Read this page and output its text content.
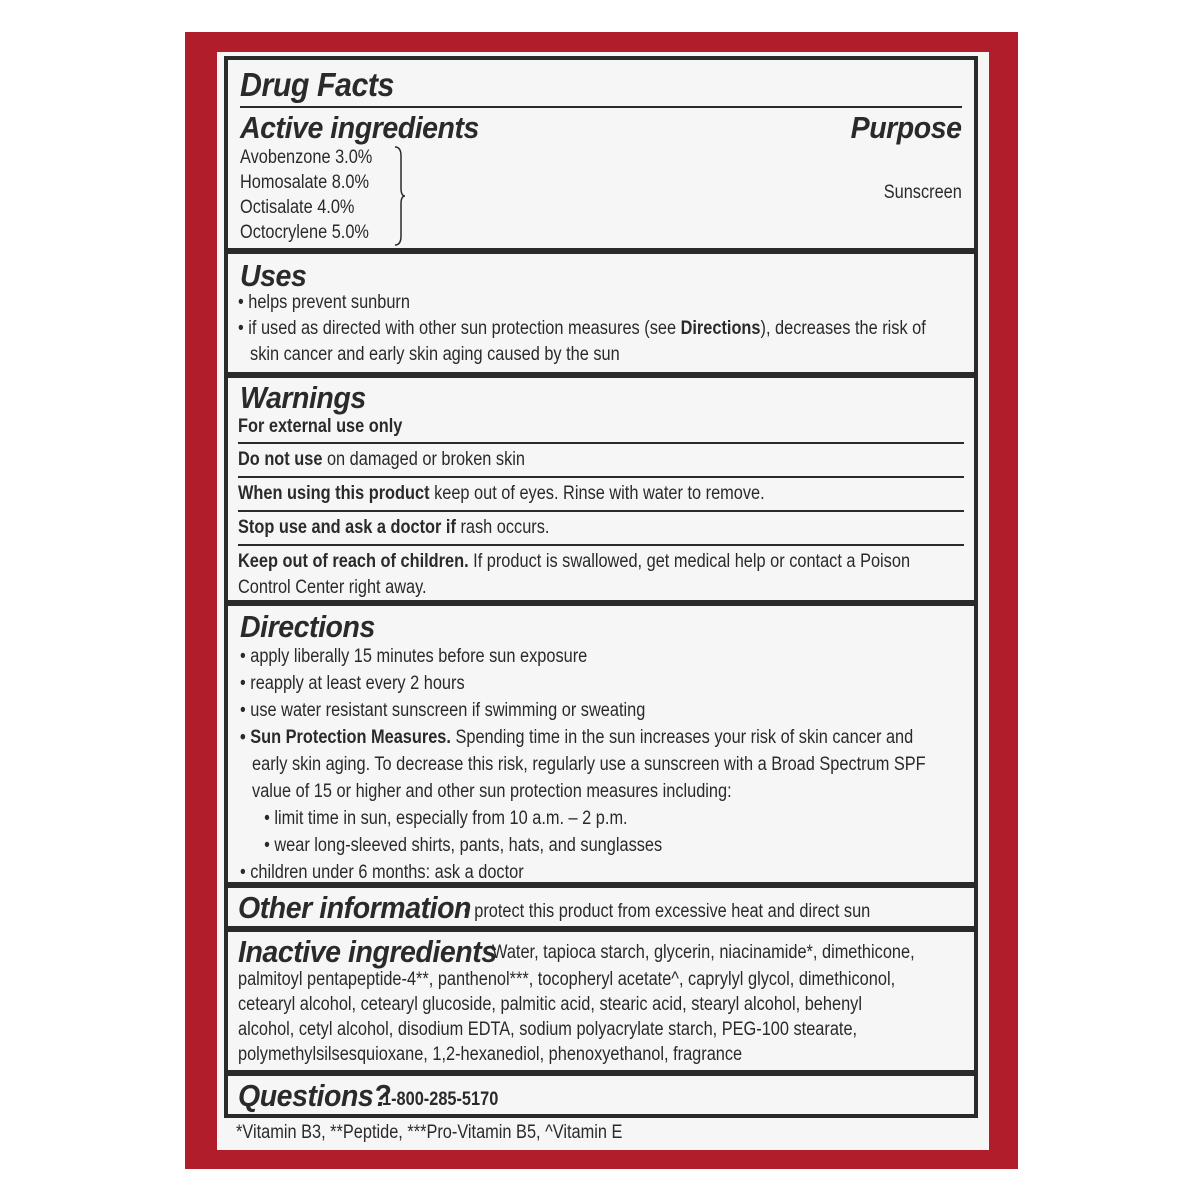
Drug Facts
Active ingredients	Purpose
Avobenzone 3.0%
Homosalate 8.0%
Octisalate 4.0%
Octocrylene 5.0%
Sunscreen
Uses
• helps prevent sunburn
• if used as directed with other sun protection measures (see Directions), decreases the risk of
skin cancer and early skin aging caused by the sun
Warnings
For external use only
Do not use on damaged or broken skin
When using this product keep out of eyes. Rinse with water to remove.
Stop use and ask a doctor if rash occurs.
Keep out of reach of children. If product is swallowed, get medical help or contact a Poison
Control Center right away.
Directions
• apply liberally 15 minutes before sun exposure
• reapply at least every 2 hours
• use water resistant sunscreen if swimming or sweating
• Sun Protection Measures. Spending time in the sun increases your risk of skin cancer and
early skin aging. To decrease this risk, regularly use a sunscreen with a Broad Spectrum SPF
value of 15 or higher and other sun protection measures including:
• limit time in sun, especially from 10 a.m. – 2 p.m.
• wear long-sleeved shirts, pants, hats, and sunglasses
• children under 6 months: ask a doctor
Other information
• protect this product from excessive heat and direct sun
Inactive ingredients
Water, tapioca starch, glycerin, niacinamide*, dimethicone,
palmitoyl pentapeptide-4**, panthenol***, tocopheryl acetate^, caprylyl glycol, dimethiconol,
cetearyl alcohol, cetearyl glucoside, palmitic acid, stearic acid, stearyl alcohol, behenyl
alcohol, cetyl alcohol, disodium EDTA, sodium polyacrylate starch, PEG-100 stearate,
polymethylsilsesquioxane, 1,2-hexanediol, phenoxyethanol, fragrance
Questions?
1-800-285-5170
*Vitamin B3, **Peptide, ***Pro-Vitamin B5, ^Vitamin E
